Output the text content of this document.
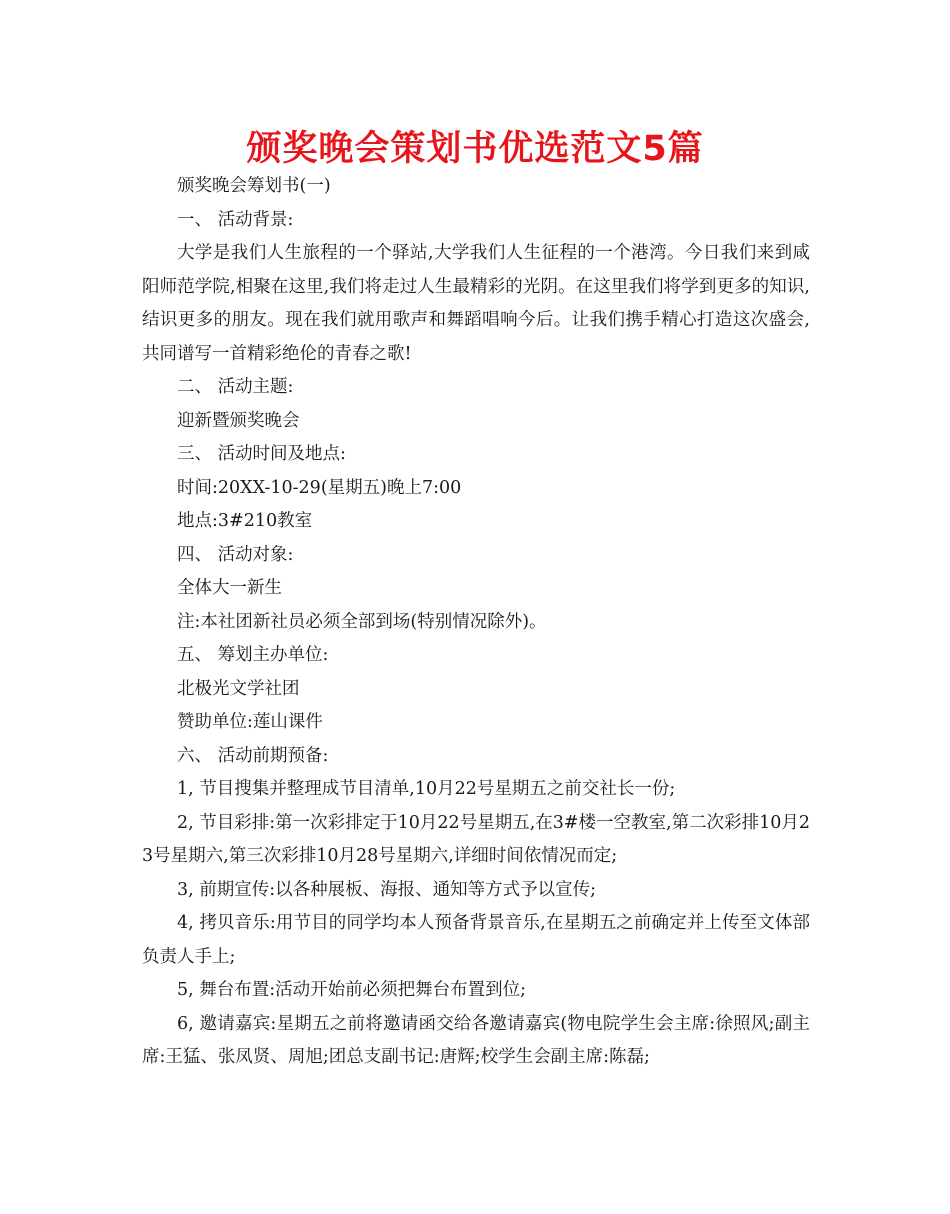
颁奖晚会策划书优选范文5篇

颁奖晚会筹划书(一)

一、 活动背景:

大学是我们人生旅程的一个驿站,大学我们人生征程的一个港湾。今日我们来到咸阳师范学院,相聚在这里,我们将走过人生最精彩的光阴。在这里我们将学到更多的知识,结识更多的朋友。现在我们就用歌声和舞蹈唱响今后。让我们携手精心打造这次盛会,共同谱写一首精彩绝伦的青春之歌!

二、 活动主题:

迎新暨颁奖晚会

三、 活动时间及地点:

时间:20XX-10-29(星期五)晚上7:00

地点:3#210教室

四、 活动对象:

全体大一新生

注:本社团新社员必须全部到场(特别情况除外)。

五、 筹划主办单位:

北极光文学社团

赞助单位:莲山课件

六、 活动前期预备:

1, 节目搜集并整理成节目清单,10月22号星期五之前交社长一份;

2, 节目彩排:第一次彩排定于10月22号星期五,在3#楼一空教室,第二次彩排10月23号星期六,第三次彩排10月28号星期六,详细时间依情况而定;

3, 前期宣传:以各种展板、海报、通知等方式予以宣传;

4, 拷贝音乐:用节目的同学均本人预备背景音乐,在星期五之前确定并上传至文体部负责人手上;

5, 舞台布置:活动开始前必须把舞台布置到位;

6, 邀请嘉宾:星期五之前将邀请函交给各邀请嘉宾(物电院学生会主席:徐照风;副主席:王猛、张凤贤、周旭;团总支副书记:唐辉;校学生会副主席:陈磊;
